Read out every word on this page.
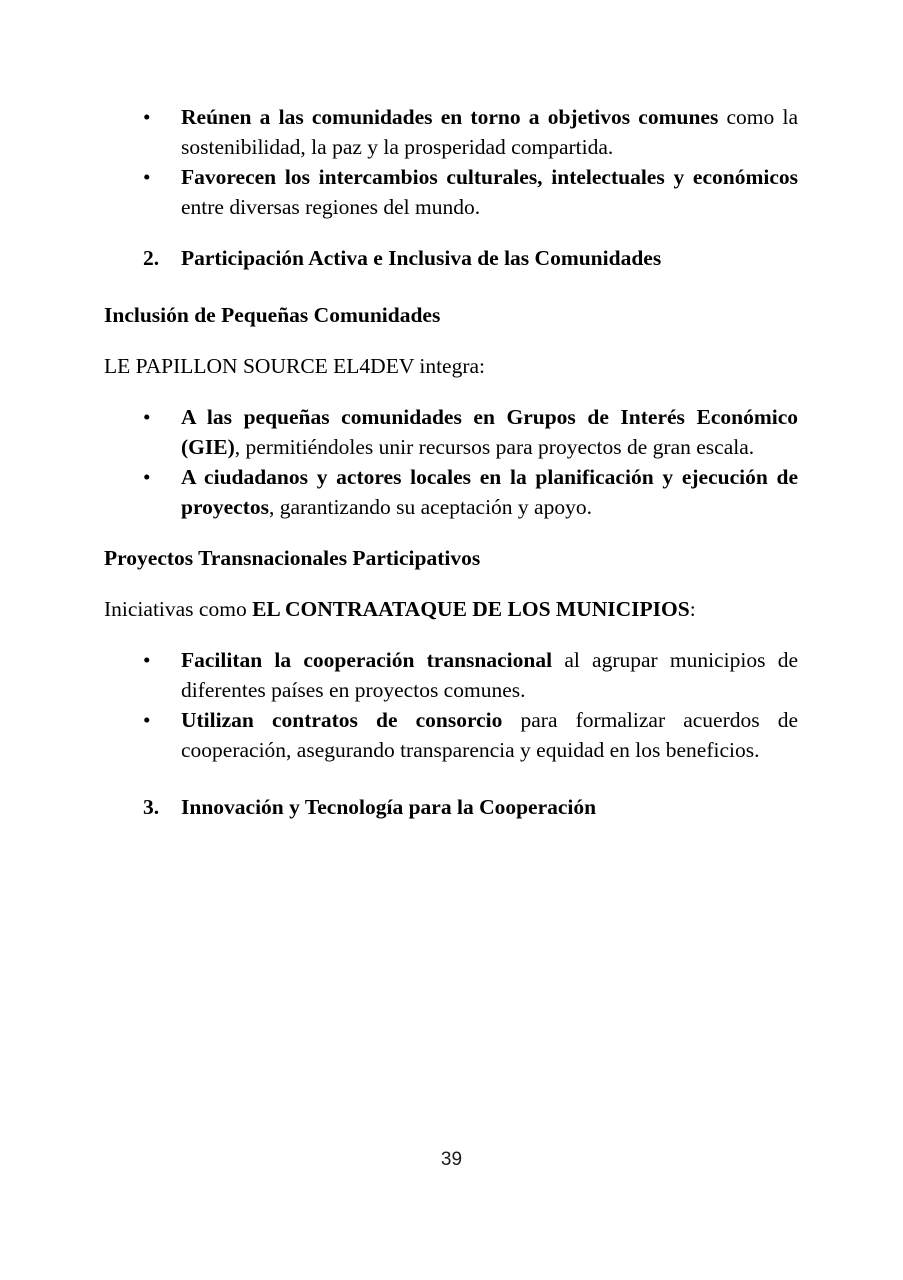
• Reúnen a las comunidades en torno a objetivos comunes como la sostenibilidad, la paz y la prosperidad compartida.
• Favorecen los intercambios culturales, intelectuales y económicos entre diversas regiones del mundo.
2. Participación Activa e Inclusiva de las Comunidades

Inclusión de Pequeñas Comunidades

LE PAPILLON SOURCE EL4DEV integra:

• A las pequeñas comunidades en Grupos de Interés Económico (GIE), permitiéndoles unir recursos para proyectos de gran escala.
• A ciudadanos y actores locales en la planificación y ejecución de proyectos, garantizando su aceptación y apoyo.

Proyectos Transnacionales Participativos

Iniciativas como EL CONTRAATAQUE DE LOS MUNICIPIOS:

• Facilitan la cooperación transnacional al agrupar municipios de diferentes países en proyectos comunes.
• Utilizan contratos de consorcio para formalizar acuerdos de cooperación, asegurando transparencia y equidad en los beneficios.
3. Innovación y Tecnología para la Cooperación
39
